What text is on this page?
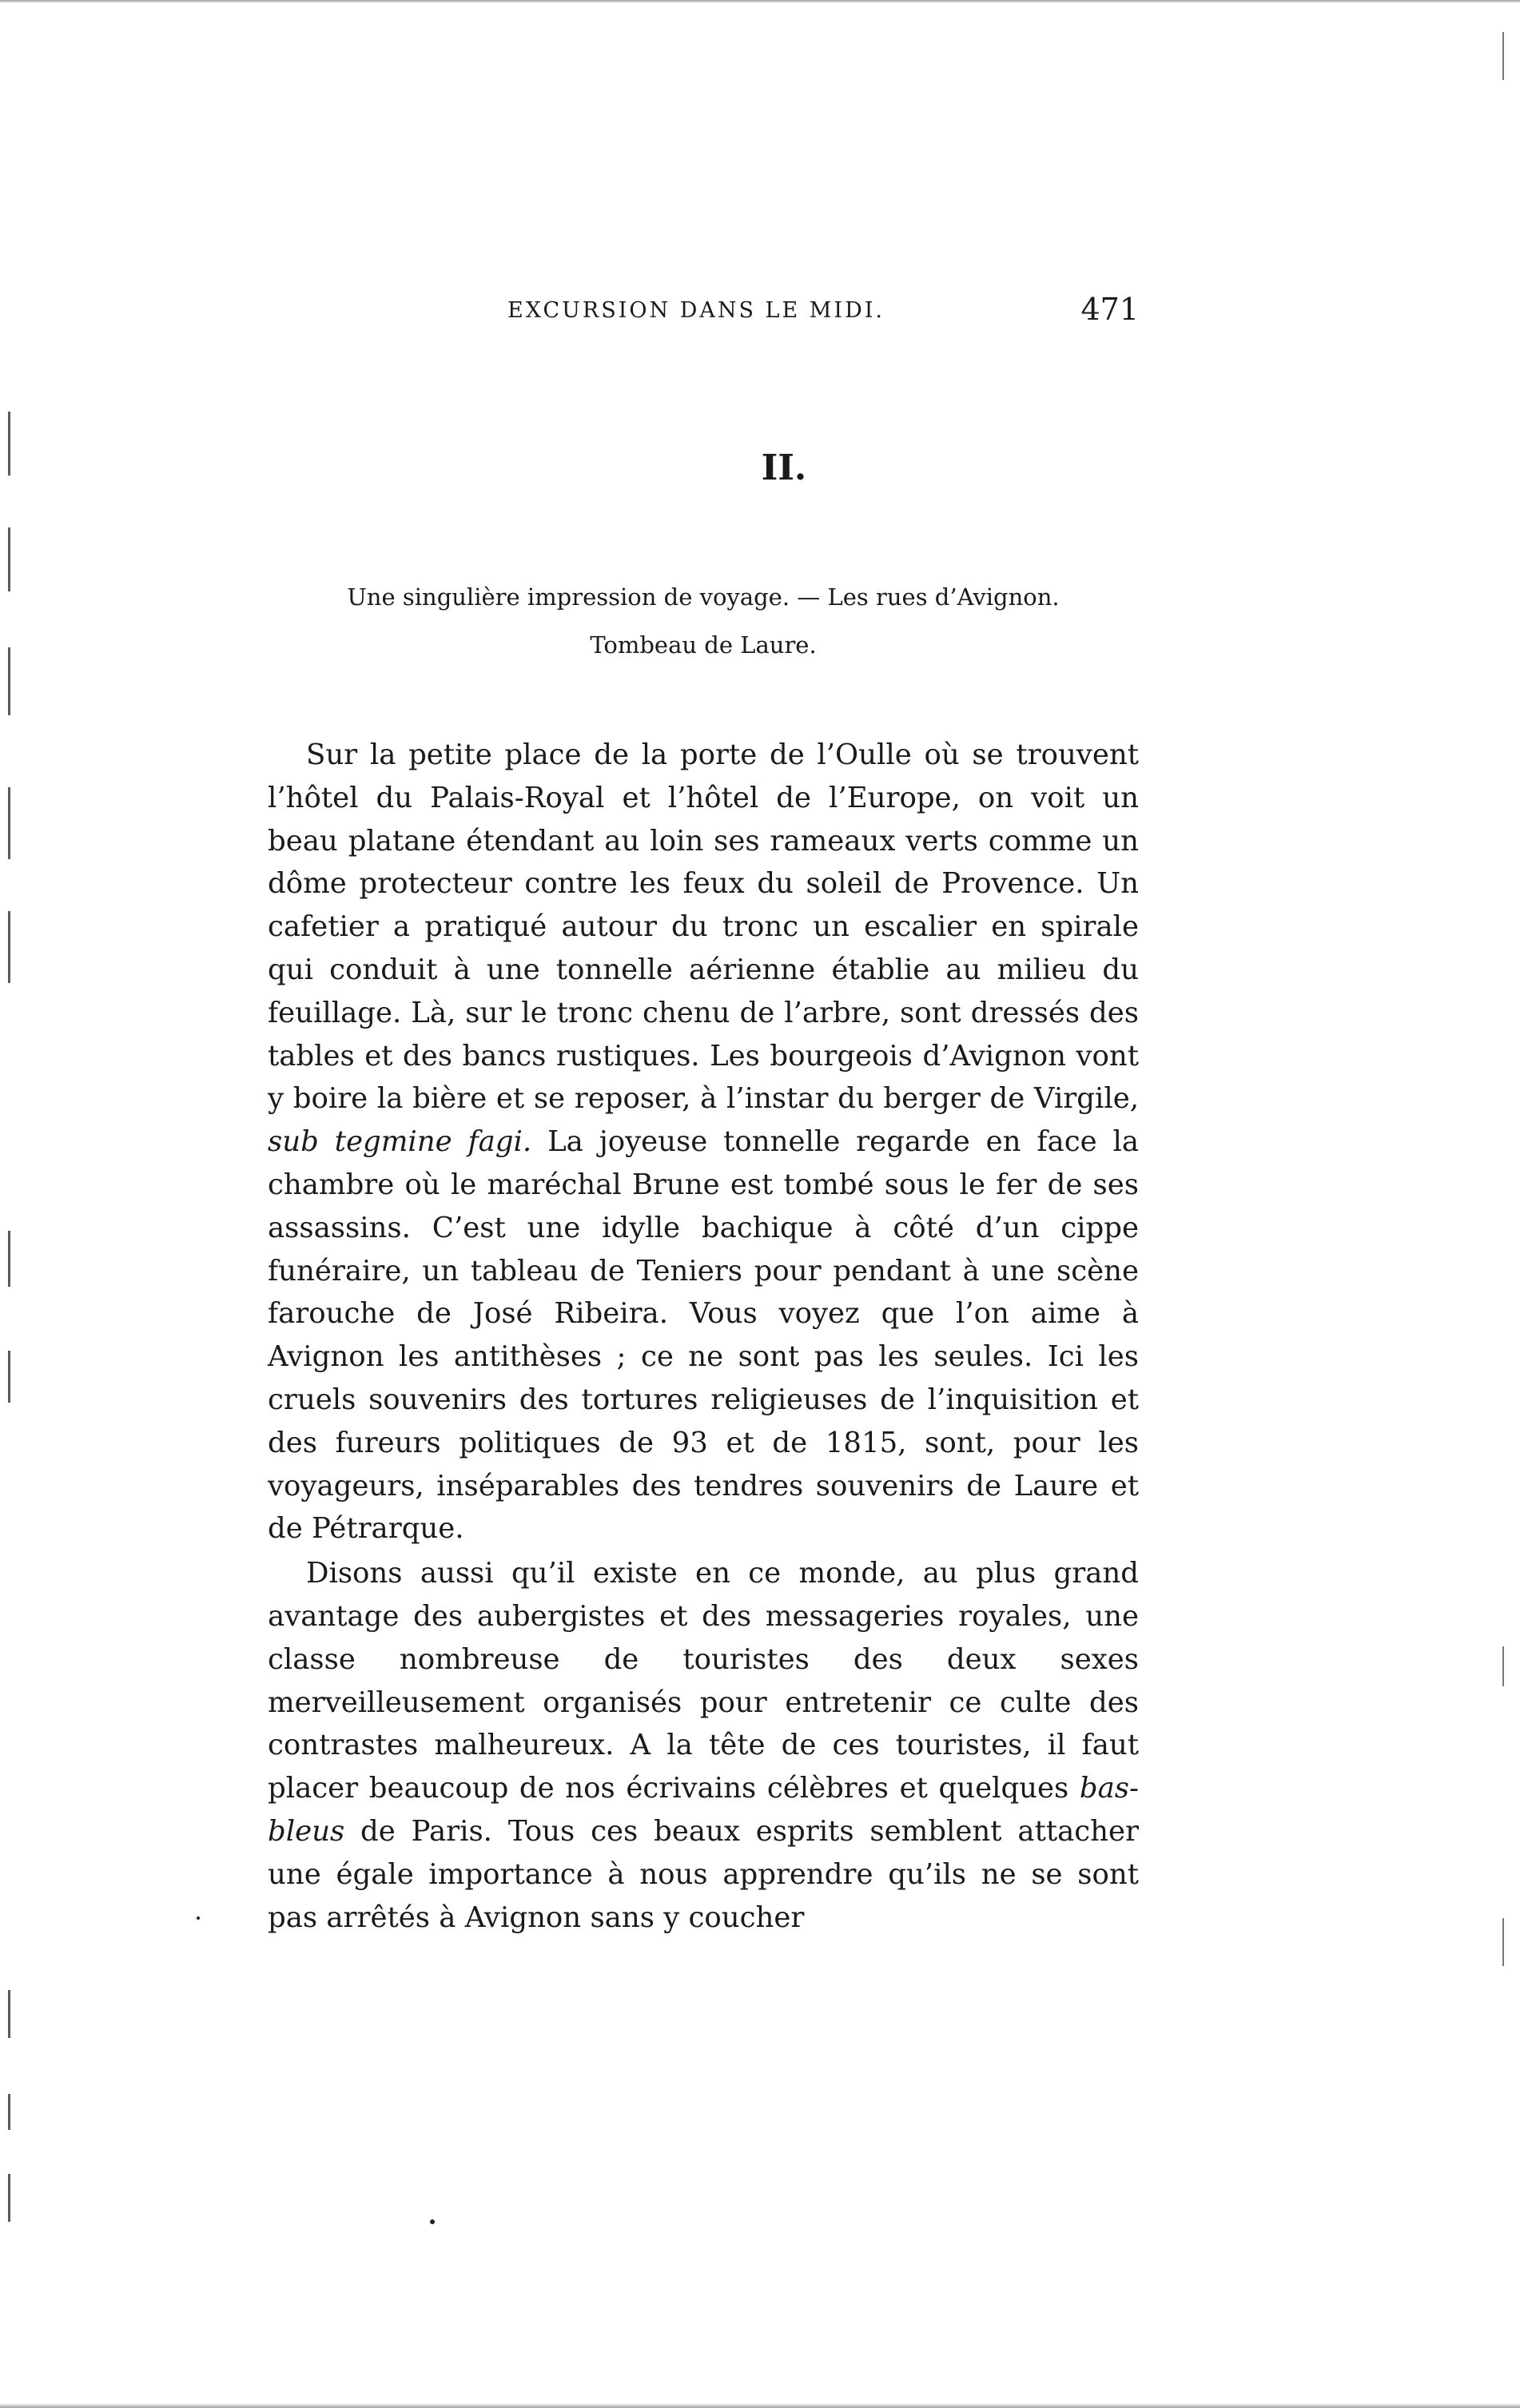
EXCURSION DANS LE MIDI.	471
II.
Une singulière impression de voyage. — Les rues d’Avignon.
Tombeau de Laure.

Sur la petite place de la porte de l’Oulle où se trouvent l’hôtel du Palais-Royal et l’hôtel de l’Europe, on voit un beau platane étendant au loin ses rameaux verts comme un dôme protecteur contre les feux du soleil de Provence. Un cafetier a pratiqué autour du tronc un escalier en spirale qui conduit à une tonnelle aérienne établie au milieu du feuillage. Là, sur le tronc chenu de l’arbre, sont dressés des tables et des bancs rustiques. Les bourgeois d’Avignon vont y boire la bière et se reposer, à l’instar du berger de Virgile, sub tegmine fagi. La joyeuse tonnelle regarde en face la chambre où le maréchal Brune est tombé sous le fer de ses assassins. C’est une idylle bachique à côté d’un cippe funéraire, un tableau de Teniers pour pendant à une scène farouche de José Ribeira. Vous voyez que l’on aime à Avignon les antithèses ; ce ne sont pas les seules. Ici les cruels souvenirs des tortures religieuses de l’inquisition et des fureurs politiques de 93 et de 1815, sont, pour les voyageurs, inséparables des tendres souvenirs de Laure et de Pétrarque.

Disons aussi qu’il existe en ce monde, au plus grand avantage des aubergistes et des messageries royales, une classe nombreuse de touristes des deux sexes merveilleusement organisés pour entretenir ce culte des contrastes malheureux. A la tête de ces touristes, il faut placer beaucoup de nos écrivains célèbres et quelques bas-bleus de Paris. Tous ces beaux esprits semblent attacher une égale importance à nous apprendre qu’ils ne se sont pas arrêtés à Avignon sans y coucher
